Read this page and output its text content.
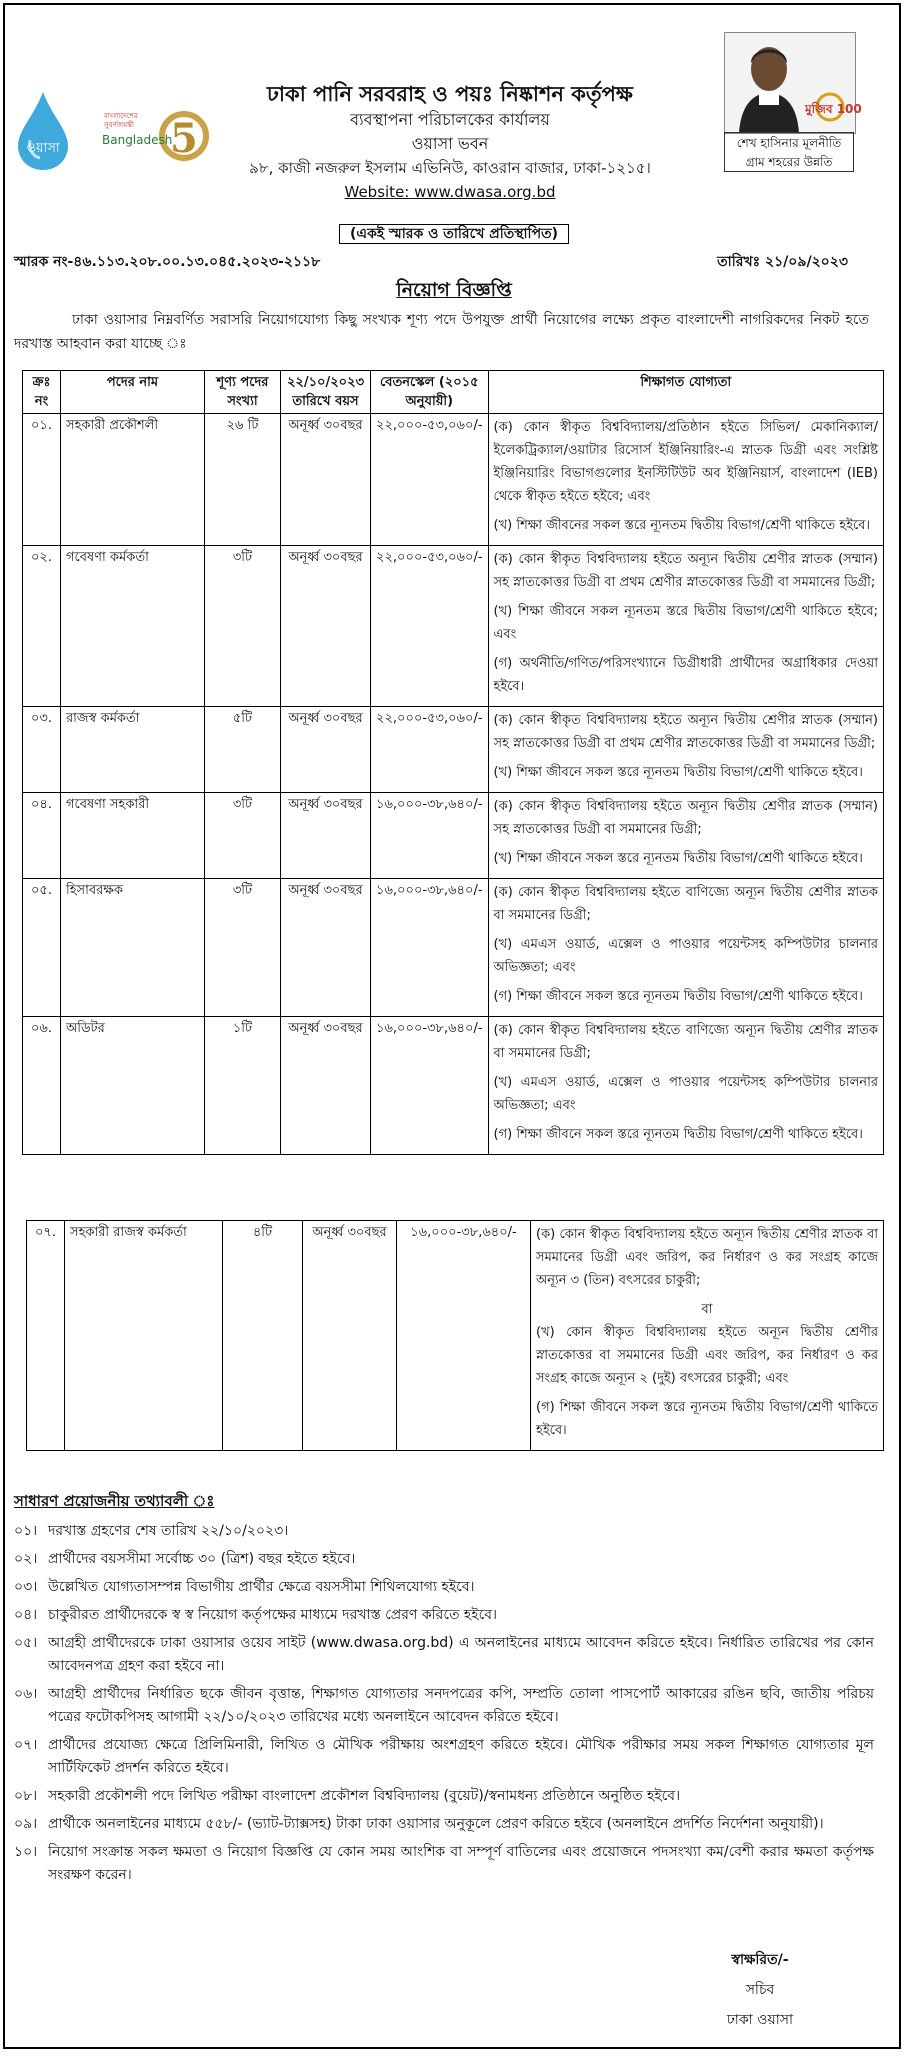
ওয়াসা	5
বাংলাদেশের
সুবর্ণজয়ন্তী
Bangladesh
ঢাকা পানি সরবরাহ ও পয়ঃ নিষ্কাশন কর্তৃপক্ষ
ব্যবস্থাপনা পরিচালকের কার্যালয়
ওয়াসা ভবন
৯৮, কাজী নজরুল ইসলাম এভিনিউ, কাওরান বাজার, ঢাকা-১২১৫।
Website: www.dwasa.org.bd
মুজিব 100
শেখ হাসিনার মূলনীতি
গ্রাম শহরের উন্নতি
(একই স্মারক ও তারিখে প্রতিস্থাপিত)
স্মারক নং-৪৬.১১৩.২০৮.০০.১৩.০৪৫.২০২৩-২১১৮	তারিখঃ ২১/০৯/২০২৩
নিয়োগ বিজ্ঞপ্তি
ঢাকা ওয়াসার নিম্নবর্ণিত সরাসরি নিয়োগযোগ্য কিছু সংখ্যক শূণ্য পদে উপযুক্ত প্রার্থী নিয়োগের লক্ষ্যে প্রকৃত বাংলাদেশী নাগরিকদের নিকট হতে দরখাস্ত আহবান করা যাচ্ছে ঃ
ক্রঃ নং	পদের নাম	শূণ্য পদের সংখ্যা	২২/১০/২০২৩ তারিখে বয়স	বেতনস্কেল (২০১৫ অনুযায়ী)	শিক্ষাগত যোগ্যতা
০১.	সহকারী প্রকৌশলী	২৬ টি	অনূর্ধ্ব ৩০বছর	২২,০০০-৫৩,০৬০/-	(ক) কোন স্বীকৃত বিশ্ববিদ্যালয়/প্রতিষ্ঠান হইতে সিভিল/ মেকানিক্যাল/ইলেকট্রিক্যাল/ওয়াটার রিসোর্স ইঞ্জিনিয়ারিং-এ স্নাতক ডিগ্রী এবং সংশ্লিষ্ট ইঞ্জিনিয়ারিং বিভাগগুলোর ইনস্টিটিউট অব ইঞ্জিনিয়ার্স, বাংলাদেশ (IEB) থেকে স্বীকৃত হইতে হইবে; এবং

(খ) শিক্ষা জীবনের সকল স্তরে ন্যূনতম দ্বিতীয় বিভাগ/শ্রেণী থাকিতে হইবে।

০২.	গবেষণা কর্মকর্তা	৩টি	অনূর্ধ্ব ৩০বছর	২২,০০০-৫৩,০৬০/-	(ক) কোন স্বীকৃত বিশ্ববিদ্যালয় হইতে অন্যূন দ্বিতীয় শ্রেণীর স্নাতক (সম্মান) সহ স্নাতকোত্তর ডিগ্রী বা প্রথম শ্রেণীর স্নাতকোত্তর ডিগ্রী বা সমমানের ডিগ্রী;

(খ) শিক্ষা জীবনে সকল ন্যূনতম স্তরে দ্বিতীয় বিভাগ/শ্রেণী থাকিতে হইবে; এবং

(গ) অর্থনীতি/গণিত/পরিসংখ্যানে ডিগ্রীধারী প্রার্থীদের অগ্রাধিকার দেওয়া হইবে।

০৩.	রাজস্ব কর্মকর্তা	৫টি	অনূর্ধ্ব ৩০বছর	২২,০০০-৫৩,০৬০/-	(ক) কোন স্বীকৃত বিশ্ববিদ্যালয় হইতে অন্যূন দ্বিতীয় শ্রেণীর স্নাতক (সম্মান) সহ স্নাতকোত্তর ডিগ্রী বা প্রথম শ্রেণীর স্নাতকোত্তর ডিগ্রী বা সমমানের ডিগ্রী;

(খ) শিক্ষা জীবনে সকল স্তরে ন্যূনতম দ্বিতীয় বিভাগ/শ্রেণী থাকিতে হইবে।

০৪.	গবেষণা সহকারী	৩টি	অনূর্ধ্ব ৩০বছর	১৬,০০০-৩৮,৬৪০/-	(ক) কোন স্বীকৃত বিশ্ববিদ্যালয় হইতে অন্যূন দ্বিতীয় শ্রেণীর স্নাতক (সম্মান) সহ স্নাতকোত্তর ডিগ্রী বা সমমানের ডিগ্রী;

(খ) শিক্ষা জীবনে সকল স্তরে ন্যূনতম দ্বিতীয় বিভাগ/শ্রেণী থাকিতে হইবে।

০৫.	হিসাবরক্ষক	৩টি	অনূর্ধ্ব ৩০বছর	১৬,০০০-৩৮,৬৪০/-	(ক) কোন স্বীকৃত বিশ্ববিদ্যালয় হইতে বাণিজ্যে অন্যূন দ্বিতীয় শ্রেণীর স্নাতক বা সমমানের ডিগ্রী;

(খ) এমএস ওয়ার্ড, এক্সেল ও পাওয়ার পয়েন্টসহ কম্পিউটার চালনার অভিজ্ঞতা; এবং

(গ) শিক্ষা জীবনে সকল স্তরে ন্যূনতম দ্বিতীয় বিভাগ/শ্রেণী থাকিতে হইবে।

০৬.	অডিটর	১টি	অনূর্ধ্ব ৩০বছর	১৬,০০০-৩৮,৬৪০/-	(ক) কোন স্বীকৃত বিশ্ববিদ্যালয় হইতে বাণিজ্যে অন্যূন দ্বিতীয় শ্রেণীর স্নাতক বা সমমানের ডিগ্রী;

(খ) এমএস ওয়ার্ড, এক্সেল ও পাওয়ার পয়েন্টসহ কম্পিউটার চালনার অভিজ্ঞতা; এবং

(গ) শিক্ষা জীবনে সকল স্তরে ন্যূনতম দ্বিতীয় বিভাগ/শ্রেণী থাকিতে হইবে।

০৭.	সহকারী রাজস্ব কর্মকর্তা	৪টি	অনূর্ধ্ব ৩০বছর	১৬,০০০-৩৮,৬৪০/-	(ক) কোন স্বীকৃত বিশ্ববিদ্যালয় হইতে অন্যূন দ্বিতীয় শ্রেণীর স্নাতক বা সমমানের ডিগ্রী এবং জরিপ, কর নির্ধারণ ও কর সংগ্রহ কাজে অন্যূন ৩ (তিন) বৎসরের চাকুরী;

বা

(খ) কোন স্বীকৃত বিশ্ববিদ্যালয় হইতে অন্যূন দ্বিতীয় শ্রেণীর স্নাতকোত্তর বা সমমানের ডিগ্রী এবং জরিপ, কর নির্ধারণ ও কর সংগ্রহ কাজে অন্যূন ২ (দুই) বৎসরের চাকুরী; এবং

(গ) শিক্ষা জীবনে সকল স্তরে ন্যূনতম দ্বিতীয় বিভাগ/শ্রেণী থাকিতে হইবে।

সাধারণ প্রয়োজনীয় তথ্যাবলী ঃ
০১। দরখাস্ত গ্রহণের শেষ তারিখ ২২/১০/২০২৩।
০২। প্রার্থীদের বয়সসীমা সর্বোচ্চ ৩০ (ত্রিশ) বছর হইতে হইবে।
০৩। উল্লেখিত যোগ্যতাসম্পন্ন বিভাগীয় প্রার্থীর ক্ষেত্রে বয়সসীমা শিথিলযোগ্য হইবে।
০৪। চাকুরীরত প্রার্থীদেরকে স্ব স্ব নিয়োগ কর্তৃপক্ষের মাধ্যমে দরখাস্ত প্রেরণ করিতে হইবে।
০৫। আগ্রহী প্রার্থীদেরকে ঢাকা ওয়াসার ওয়েব সাইট (www.dwasa.org.bd) এ অনলাইনের মাধ্যমে আবেদন করিতে হইবে। নির্ধারিত তারিখের পর কোন আবেদনপত্র গ্রহণ করা হইবে না।
০৬। আগ্রহী প্রার্থীদের নির্ধারিত ছকে জীবন বৃত্তান্ত, শিক্ষাগত যোগ্যতার সনদপত্রের কপি, সম্প্রতি তোলা পাসপোর্ট আকারের রঙিন ছবি, জাতীয় পরিচয় পত্রের ফটোকপিসহ আগামী ২২/১০/২০২৩ তারিখের মধ্যে অনলাইনে আবেদন করিতে হইবে।
০৭। প্রার্থীদের প্রযোজ্য ক্ষেত্রে প্রিলিমিনারী, লিখিত ও মৌখিক পরীক্ষায় অংশগ্রহণ করিতে হইবে। মৌখিক পরীক্ষার সময় সকল শিক্ষাগত যোগ্যতার মূল সার্টিফিকেট প্রদর্শন করিতে হইবে।
০৮। সহকারী প্রকৌশলী পদে লিখিত পরীক্ষা বাংলাদেশ প্রকৌশল বিশ্ববিদ্যালয় (বুয়েট)/স্বনামধন্য প্রতিষ্ঠানে অনুষ্ঠিত হইবে।
০৯। প্রার্থীকে অনলাইনের মাধ্যমে ৫৫৮/- (ভ্যাট-ট্যাক্সসহ) টাকা ঢাকা ওয়াসার অনুকূলে প্রেরণ করিতে হইবে (অনলাইনে প্রদর্শিত নির্দেশনা অনুযায়ী)।
১০। নিয়োগ সংক্রান্ত সকল ক্ষমতা ও নিয়োগ বিজ্ঞপ্তি যে কোন সময় আংশিক বা সম্পূর্ণ বাতিলের এবং প্রয়োজনে পদসংখ্যা কম/বেশী করার ক্ষমতা কর্তৃপক্ষ সংরক্ষণ করেন।
স্বাক্ষরিত/-
সচিব
ঢাকা ওয়াসা
